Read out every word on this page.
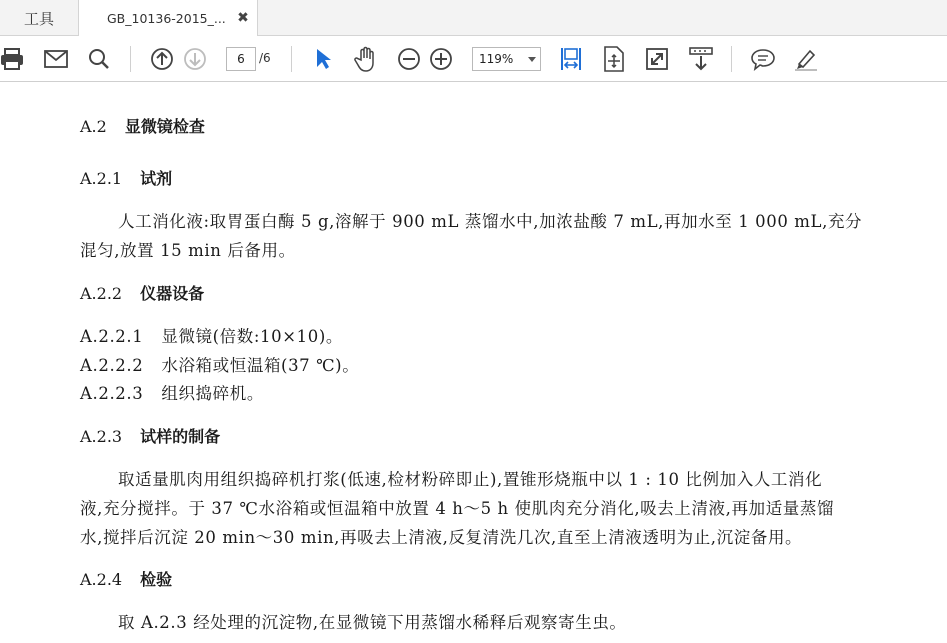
工具	GB_10136-2015_... ✖
6
/6	119%
A.2 显微镜检查
A.2.1 试剂
人工消化液:取胃蛋白酶 5 g,溶解于 900 mL 蒸馏水中,加浓盐酸 7 mL,再加水至 1 000 mL,充分
混匀,放置 15 min 后备用。
A.2.2 仪器设备
A.2.2.1 显微镜(倍数:10×10)。
A.2.2.2 水浴箱或恒温箱(37 ℃)。
A.2.2.3 组织捣碎机。
A.2.3 试样的制备
取适量肌肉用组织捣碎机打浆(低速,检材粉碎即止),置锥形烧瓶中以 1 : 10 比例加入人工消化
液,充分搅拌。于 37 ℃水浴箱或恒温箱中放置 4 h～5 h 使肌肉充分消化,吸去上清液,再加适量蒸馏
水,搅拌后沉淀 20 min～30 min,再吸去上清液,反复清洗几次,直至上清液透明为止,沉淀备用。
A.2.4 检验
取 A.2.3 经处理的沉淀物,在显微镜下用蒸馏水稀释后观察寄生虫。
